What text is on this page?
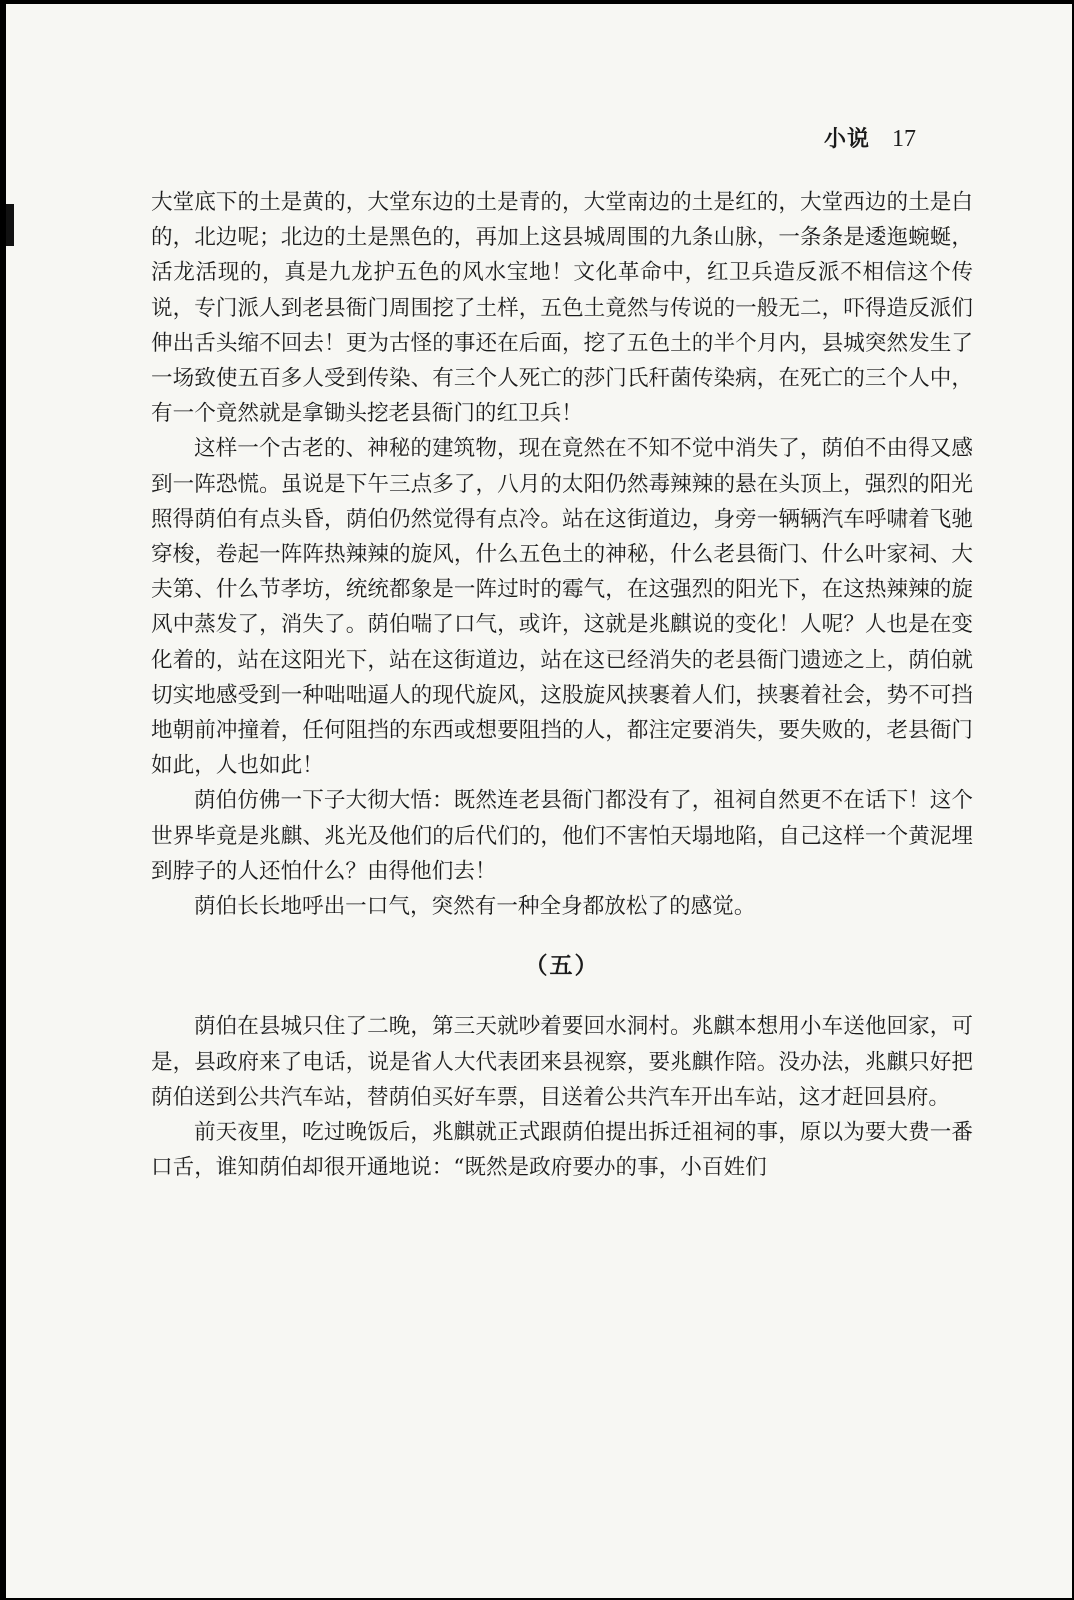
小说 17

大堂底下的土是黄的，大堂东边的土是青的，大堂南边的土是红的，大堂西边的土是白的，北边呢；北边的土是黑色的，再加上这县城周围的九条山脉，一条条是逶迤蜿蜒，活龙活现的，真是九龙护五色的风水宝地！文化革命中，红卫兵造反派不相信这个传说，专门派人到老县衙门周围挖了土样，五色土竟然与传说的一般无二，吓得造反派们伸出舌头缩不回去！更为古怪的事还在后面，挖了五色土的半个月内，县城突然发生了一场致使五百多人受到传染、有三个人死亡的莎门氏秆菌传染病，在死亡的三个人中，有一个竟然就是拿锄头挖老县衙门的红卫兵！

这样一个古老的、神秘的建筑物，现在竟然在不知不觉中消失了，荫伯不由得又感到一阵恐慌。虽说是下午三点多了，八月的太阳仍然毒辣辣的悬在头顶上，强烈的阳光照得荫伯有点头昏，荫伯仍然觉得有点冷。站在这街道边，身旁一辆辆汽车呼啸着飞驰穿梭，卷起一阵阵热辣辣的旋风，什么五色土的神秘，什么老县衙门、什么叶家祠、大夫第、什么节孝坊，统统都象是一阵过时的霉气，在这强烈的阳光下，在这热辣辣的旋风中蒸发了，消失了。荫伯喘了口气，或许，这就是兆麒说的变化！人呢？人也是在变化着的，站在这阳光下，站在这街道边，站在这已经消失的老县衙门遗迹之上，荫伯就切实地感受到一种咄咄逼人的现代旋风，这股旋风挟裹着人们，挟裹着社会，势不可挡地朝前冲撞着，任何阻挡的东西或想要阻挡的人，都注定要消失，要失败的，老县衙门如此，人也如此！

荫伯仿佛一下子大彻大悟：既然连老县衙门都没有了，祖祠自然更不在话下！这个世界毕竟是兆麒、兆光及他们的后代们的，他们不害怕天塌地陷，自己这样一个黄泥埋到脖子的人还怕什么？由得他们去！

荫伯长长地呼出一口气，突然有一种全身都放松了的感觉。

（五）

荫伯在县城只住了二晚，第三天就吵着要回水洞村。兆麒本想用小车送他回家，可是，县政府来了电话，说是省人大代表团来县视察，要兆麒作陪。没办法，兆麒只好把荫伯送到公共汽车站，替荫伯买好车票，目送着公共汽车开出车站，这才赶回县府。

前天夜里，吃过晚饭后，兆麒就正式跟荫伯提出拆迁祖祠的事，原以为要大费一番口舌，谁知荫伯却很开通地说：“既然是政府要办的事，小百姓们
